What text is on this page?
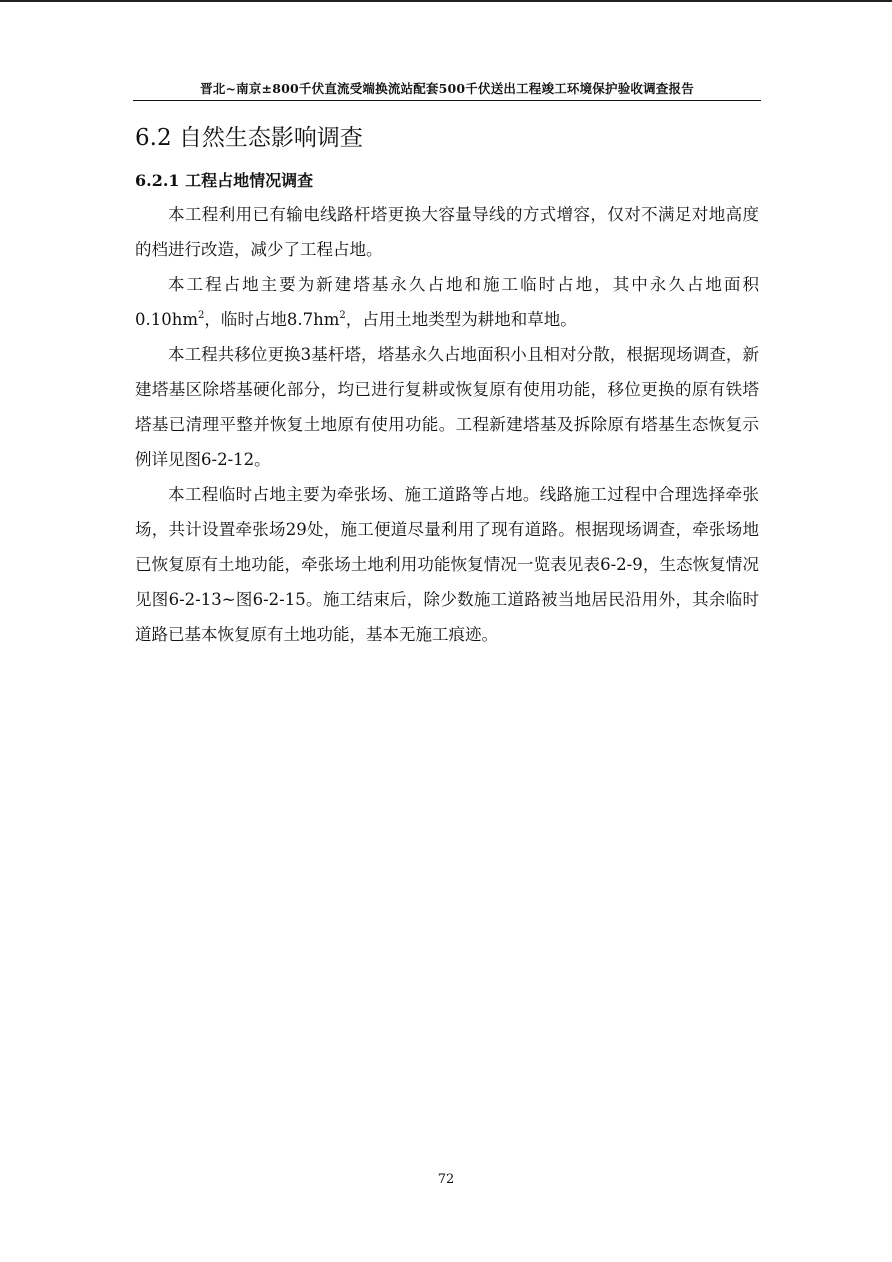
晋北~南京±800千伏直流受端换流站配套500千伏送出工程竣工环境保护验收调查报告
6.2 自然生态影响调查
6.2.1 工程占地情况调查

本工程利用已有输电线路杆塔更换大容量导线的方式增容，仅对不满足对地高度的档进行改造，减少了工程占地。

本工程占地主要为新建塔基永久占地和施工临时占地，其中永久占地面积$0.10hm^2$，临时占地$8.7hm^2$，占用土地类型为耕地和草地。

本工程共移位更换3基杆塔，塔基永久占地面积小且相对分散，根据现场调查，新建塔基区除塔基硬化部分，均已进行复耕或恢复原有使用功能，移位更换的原有铁塔塔基已清理平整并恢复土地原有使用功能。工程新建塔基及拆除原有塔基生态恢复示例详见图6-2-12。

本工程临时占地主要为牵张场、施工道路等占地。线路施工过程中合理选择牵张场，共计设置牵张场29处，施工便道尽量利用了现有道路。根据现场调查，牵张场地已恢复原有土地功能，牵张场土地利用功能恢复情况一览表见表6-2-9，生态恢复情况见图6-2-13~图6-2-15。施工结束后，除少数施工道路被当地居民沿用外，其余临时道路已基本恢复原有土地功能，基本无施工痕迹。

72
